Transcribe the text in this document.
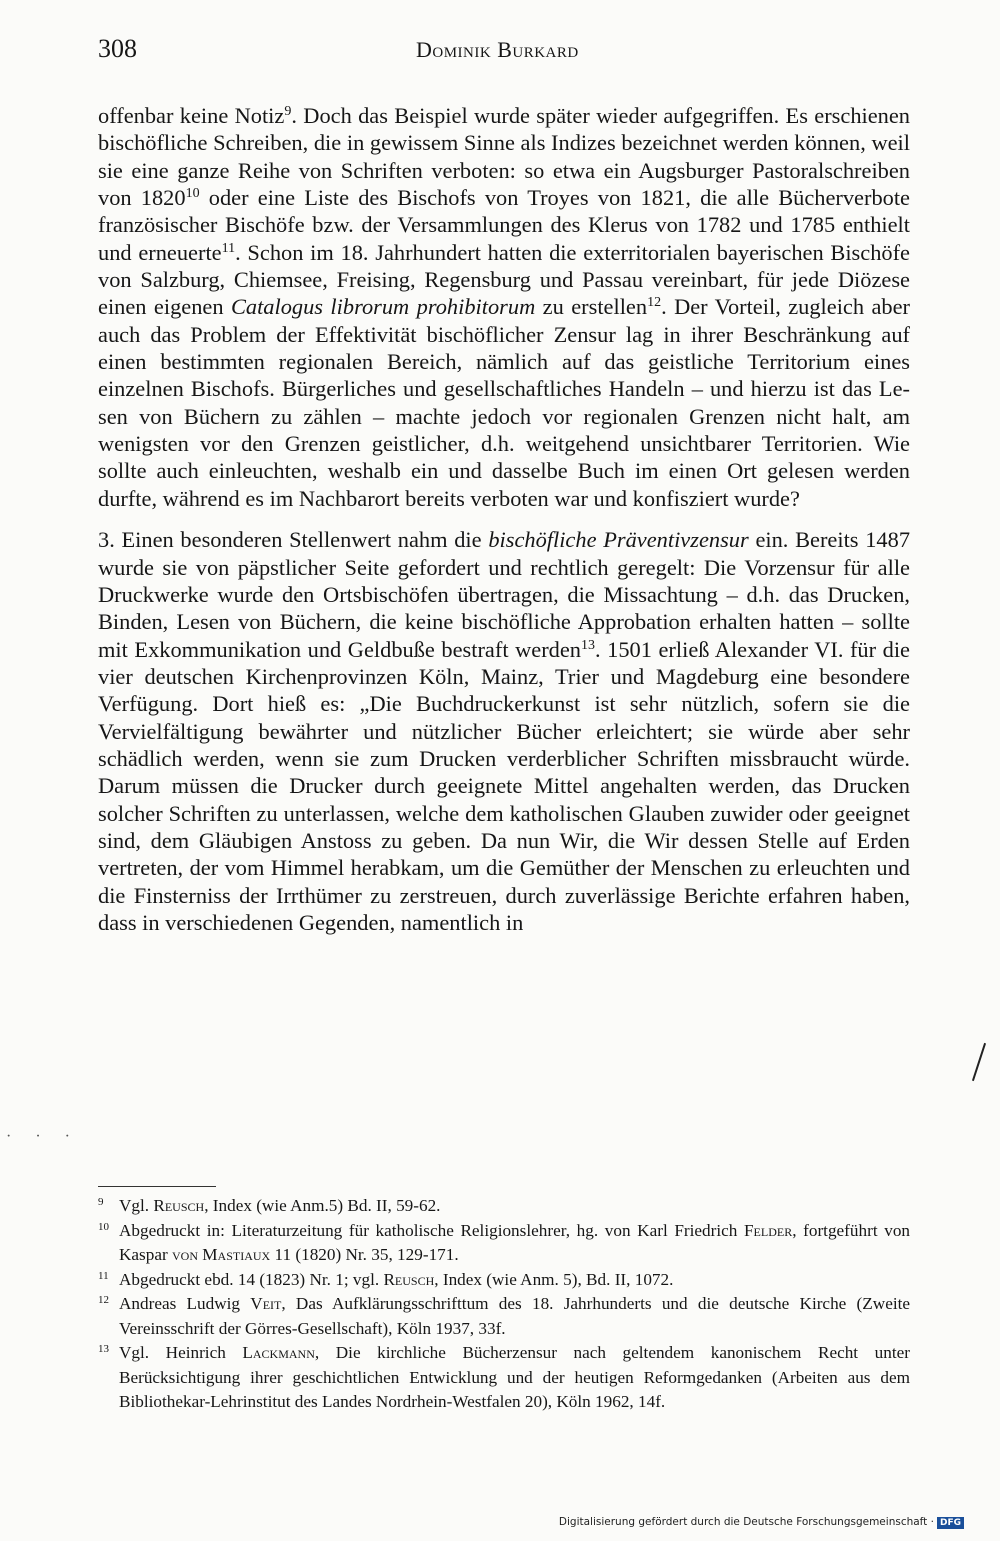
308	Dominik Burkard

offenbar keine Notiz$^9$. Doch das Beispiel wurde später wieder aufgegriffen. Es erschienen bischöfliche Schreiben, die in gewissem Sinne als Indizes bezeichnet werden können, weil sie eine ganze Reihe von Schriften verboten: so etwa ein Augsburger Pastoralschreiben von 1820$^{10}$ oder eine Liste des Bischofs von Troyes von 1821, die alle Bücherverbote französischer Bischöfe bzw. der Versammlungen des Klerus von 1782 und 1785 enthielt und erneuerte$^{11}$. Schon im 18. Jahrhundert hatten die exterritorialen bayerischen Bischöfe von Salzburg, Chiemsee, Freising, Regensburg und Passau vereinbart, für jede Diözese einen eigenen Catalogus librorum prohibitorum zu erstellen$^{12}$. Der Vorteil, zugleich aber auch das Problem der Effektivität bischöflicher Zensur lag in ihrer Beschränkung auf einen bestimmten regionalen Bereich, nämlich auf das geistliche Territorium eines einzelnen Bischofs. Bürgerliches und gesellschaftliches Handeln – und hierzu ist das Lesen von Büchern zu zählen – machte jedoch vor regionalen Grenzen nicht halt, am wenigsten vor den Grenzen geistlicher, d.h. weitgehend unsichtbarer Territorien. Wie sollte auch einleuchten, weshalb ein und dasselbe Buch im einen Ort gelesen werden durfte, während es im Nachbarort bereits verboten war und konfisziert wurde?

3. Einen besonderen Stellenwert nahm die bischöfliche Präventivzensur ein. Bereits 1487 wurde sie von päpstlicher Seite gefordert und rechtlich geregelt: Die Vorzensur für alle Druckwerke wurde den Ortsbischöfen übertragen, die Missachtung – d.h. das Drucken, Binden, Lesen von Büchern, die keine bischöfliche Approbation erhalten hatten – sollte mit Exkommunikation und Geldbuße bestraft werden$^{13}$. 1501 erließ Alexander VI. für die vier deutschen Kirchenprovinzen Köln, Mainz, Trier und Magdeburg eine besondere Verfügung. Dort hieß es: „Die Buchdruckerkunst ist sehr nützlich, sofern sie die Vervielfältigung bewährter und nützlicher Bücher erleichtert; sie würde aber sehr schädlich werden, wenn sie zum Drucken verderblicher Schriften missbraucht würde. Darum müssen die Drucker durch geeignete Mittel angehalten werden, das Drucken solcher Schriften zu unterlassen, welche dem katholischen Glauben zuwider oder geeignet sind, dem Gläubigen Anstoss zu geben. Da nun Wir, die Wir dessen Stelle auf Erden vertreten, der vom Himmel herabkam, um die Gemüther der Menschen zu erleuchten und die Finsterniss der Irrthümer zu zerstreuen, durch zuverlässige Berichte erfahren haben, dass in verschiedenen Gegenden, namentlich in

9 Vgl. Reusch, Index (wie Anm.5) Bd. II, 59-62.
10 Abgedruckt in: Literaturzeitung für katholische Religionslehrer, hg. von Karl Friedrich Felder, fortgeführt von Kaspar von Mastiaux 11 (1820) Nr. 35, 129-171.
11 Abgedruckt ebd. 14 (1823) Nr. 1; vgl. Reusch, Index (wie Anm. 5), Bd. II, 1072.
12 Andreas Ludwig Veit, Das Aufklärungsschrifttum des 18. Jahrhunderts und die deutsche Kirche (Zweite Vereinsschrift der Görres-Gesellschaft), Köln 1937, 33f.
13 Vgl. Heinrich Lackmann, Die kirchliche Bücherzensur nach geltendem kanonischem Recht unter Berücksichtigung ihrer geschichtlichen Entwicklung und der heutigen Reformgedanken (Arbeiten aus dem Bibliothekar-Lehrinstitut des Landes Nordrhein-Westfalen 20), Köln 1962, 14f.
· · ·
Digitalisierung gefördert durch die Deutsche Forschungsgemeinschaft · DFG
